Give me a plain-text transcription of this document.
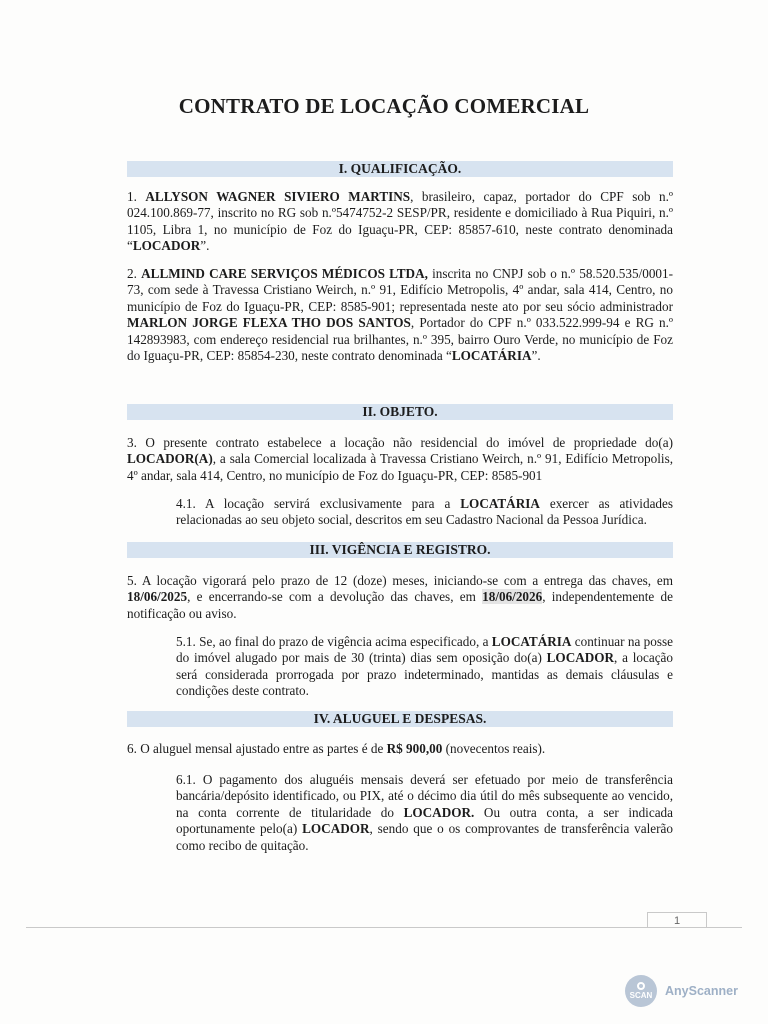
CONTRATO DE LOCAÇÃO COMERCIAL
I. QUALIFICAÇÃO.
1. ALLYSON WAGNER SIVIERO MARTINS, brasileiro, capaz, portador do CPF sob n.º 024.100.869-77, inscrito no RG sob n.º5474752-2 SESP/PR, residente e domiciliado à Rua Piquiri, n.º 1105, Libra 1, no município de Foz do Iguaçu-PR, CEP: 85857-610, neste contrato denominada “LOCADOR”.
2. ALLMIND CARE SERVIÇOS MÉDICOS LTDA, inscrita no CNPJ sob o n.º 58.520.535/0001-73, com sede à Travessa Cristiano Weirch, n.º 91, Edifício Metropolis, 4º andar, sala 414, Centro, no município de Foz do Iguaçu-PR, CEP: 8585-901; representada neste ato por seu sócio administrador MARLON JORGE FLEXA THO DOS SANTOS, Portador do CPF n.º 033.522.999-94 e RG n.º 142893983, com endereço residencial rua brilhantes, n.º 395, bairro Ouro Verde, no município de Foz do Iguaçu-PR, CEP: 85854-230, neste contrato denominada “LOCATÁRIA”.
II. OBJETO.
3. O presente contrato estabelece a locação não residencial do imóvel de propriedade do(a) LOCADOR(A), a sala Comercial localizada à Travessa Cristiano Weirch, n.º 91, Edifício Metropolis, 4º andar, sala 414, Centro, no município de Foz do Iguaçu-PR, CEP: 8585-901
4.1. A locação servirá exclusivamente para a LOCATÁRIA exercer as atividades relacionadas ao seu objeto social, descritos em seu Cadastro Nacional da Pessoa Jurídica.
III. VIGÊNCIA E REGISTRO.
5. A locação vigorará pelo prazo de 12 (doze) meses, iniciando-se com a entrega das chaves, em 18/06/2025, e encerrando-se com a devolução das chaves, em 18/06/2026, independentemente de notificação ou aviso.
5.1. Se, ao final do prazo de vigência acima especificado, a LOCATÁRIA continuar na posse do imóvel alugado por mais de 30 (trinta) dias sem oposição do(a) LOCADOR, a locação será considerada prorrogada por prazo indeterminado, mantidas as demais cláusulas e condições deste contrato.
IV. ALUGUEL E DESPESAS.
6. O aluguel mensal ajustado entre as partes é de R$ 900,00 (novecentos reais).
6.1. O pagamento dos aluguéis mensais deverá ser efetuado por meio de transferência bancária/depósito identificado, ou PIX, até o décimo dia útil do mês subsequente ao vencido, na conta corrente de titularidade do LOCADOR. Ou outra conta, a ser indicada oportunamente pelo(a) LOCADOR, sendo que o os comprovantes de transferência valerão como recibo de quitação.
1
SCAN AnyScanner
